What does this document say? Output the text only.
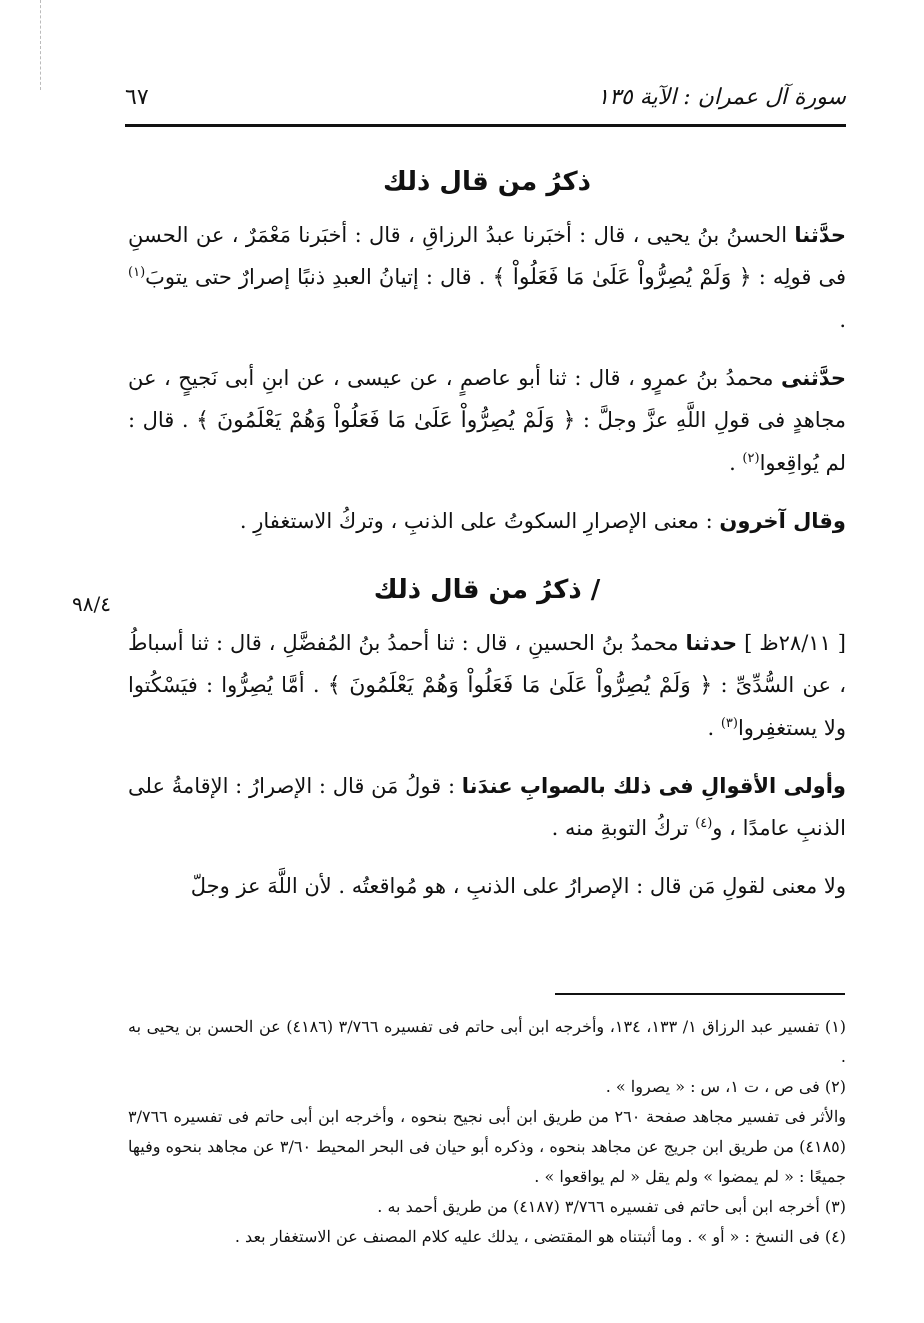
سورة آل عمران : الآية ١٣٥
٦٧
٩٨/٤
ذكرُ من قال ذلك

حدَّثنا الحسنُ بنُ يحيى ، قال : أخبَرنا عبدُ الرزاقِ ، قال : أخبَرنا مَعْمَرٌ ، عن الحسنِ فى قولِه : ﴿ وَلَمْ يُصِرُّواْ عَلَىٰ مَا فَعَلُواْ ﴾ . قال : إتيانُ العبدِ ذنبًا إصرارٌ حتى يتوبَ$^{(١)}$ .

حدَّثنى محمدُ بنُ عمرٍو ، قال : ثنا أبو عاصمٍ ، عن عيسى ، عن ابنِ أبى نَجيحٍ ، عن مجاهدٍ فى قولِ اللَّهِ عزَّ وجلَّ : ﴿ وَلَمْ يُصِرُّواْ عَلَىٰ مَا فَعَلُواْ وَهُمْ يَعْلَمُونَ ﴾ . قال : لم يُواقِعوا$^{(٢)}$ .

وقال آخرون : معنى الإصرارِ السكوتُ على الذنبِ ، وتركُ الاستغفارِ .

/ ذكرُ من قال ذلك

[ ٢٨/١١ظ ] حدثنا محمدُ بنُ الحسينِ ، قال : ثنا أحمدُ بنُ المُفضَّلِ ، قال : ثنا أسباطُ ، عن السُّدِّىِّ : ﴿ وَلَمْ يُصِرُّواْ عَلَىٰ مَا فَعَلُواْ وَهُمْ يَعْلَمُونَ ﴾ . أمَّا يُصِرُّوا : فيَسْكُتوا ولا يستغفِروا$^{(٣)}$ .

وأولى الأقوالِ فى ذلك بالصوابِ عندَنا : قولُ مَن قال : الإصرارُ : الإقامةُ على الذنبِ عامدًا ، و$^{(٤)}$ تركُ التوبةِ منه .

ولا معنى لقولِ مَن قال : الإصرارُ على الذنبِ ، هو مُواقعتُه . لأن اللَّهَ عز وجلّ

(١) تفسير عبد الرزاق ١/ ١٣٣، ١٣٤، وأخرجه ابن أبى حاتم فى تفسيره ٣/٧٦٦ (٤١٨٦) عن الحسن بن يحيى به .

(٢) فى ص ، ت ١، س : « يصروا » .

والأثر فى تفسير مجاهد صفحة ٢٦٠ من طريق ابن أبى نجيح بنحوه ، وأخرجه ابن أبى حاتم فى تفسيره ٣/٧٦٦ (٤١٨٥) من طريق ابن جريج عن مجاهد بنحوه ، وذكره أبو حيان فى البحر المحيط ٣/٦٠ عن مجاهد بنحوه وفيها جميعًا : « لم يمضوا » ولم يقل « لم يواقعوا » .

(٣) أخرجه ابن أبى حاتم فى تفسيره ٣/٧٦٦ (٤١٨٧) من طريق أحمد به .

(٤) فى النسخ : « أو » . وما أثبتناه هو المقتضى ، يدلك عليه كلام المصنف عن الاستغفار بعد .
